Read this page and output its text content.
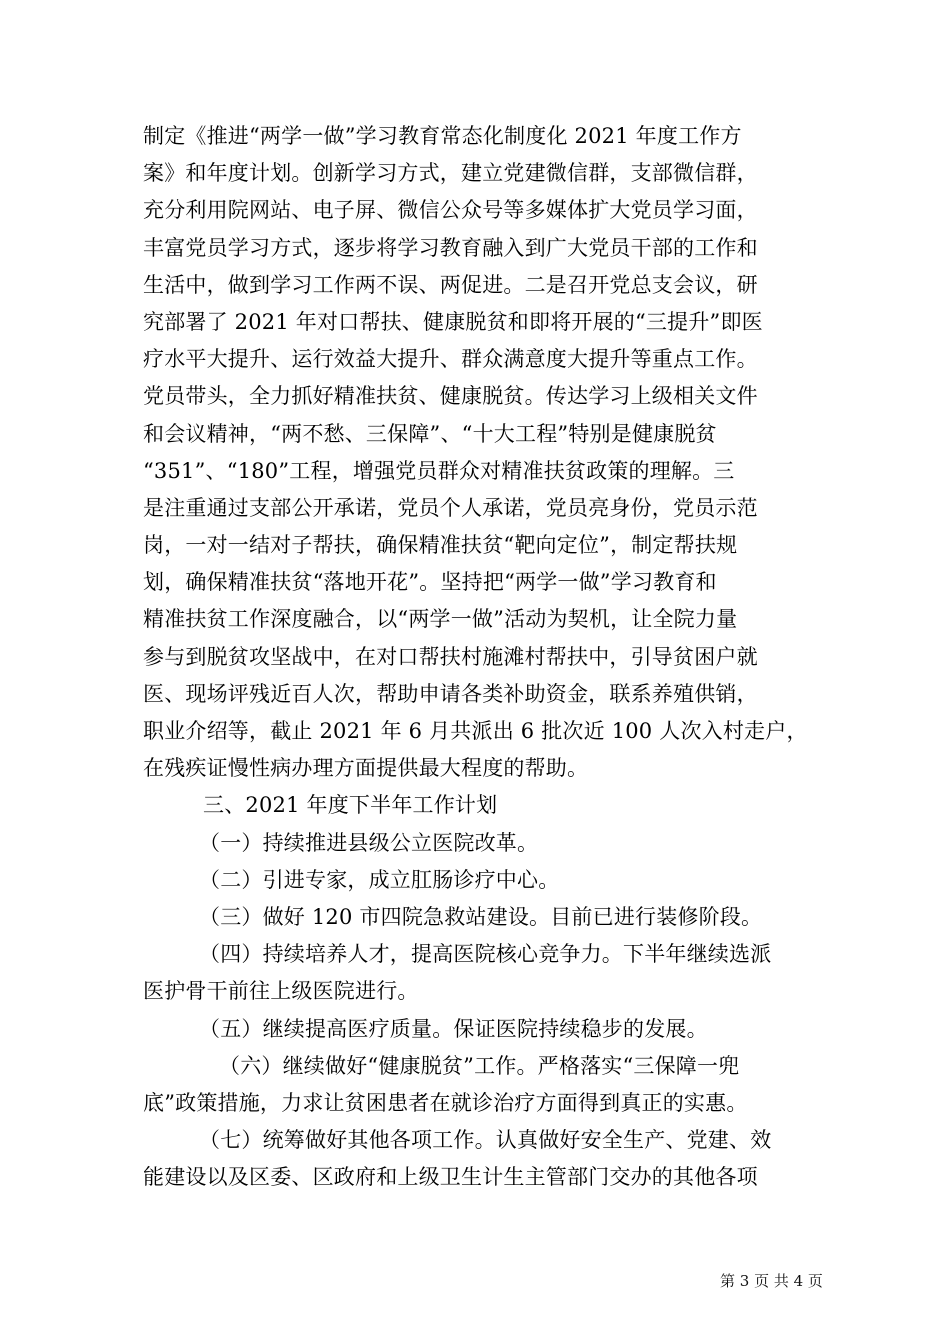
制定《推进“两学一做”学习教育常态化制度化 2021 年度工作方
案》和年度计划。创新学习方式，建立党建微信群，支部微信群，
充分利用院网站、电子屏、微信公众号等多媒体扩大党员学习面，
丰富党员学习方式，逐步将学习教育融入到广大党员干部的工作和
生活中，做到学习工作两不误、两促进。二是召开党总支会议，研
究部署了 2021 年对口帮扶、健康脱贫和即将开展的“三提升”即医
疗水平大提升、运行效益大提升、群众满意度大提升等重点工作。
党员带头，全力抓好精准扶贫、健康脱贫。传达学习上级相关文件
和会议精神，“两不愁、三保障”、“十大工程”特别是健康脱贫
“351”、“180”工程，增强党员群众对精准扶贫政策的理解。三
是注重通过支部公开承诺，党员个人承诺，党员亮身份，党员示范
岗，一对一结对子帮扶，确保精准扶贫“靶向定位”，制定帮扶规
划，确保精准扶贫“落地开花”。坚持把“两学一做”学习教育和
精准扶贫工作深度融合，以“两学一做”活动为契机，让全院力量
参与到脱贫攻坚战中，在对口帮扶村施滩村帮扶中，引导贫困户就
医、现场评残近百人次，帮助申请各类补助资金，联系养殖供销，
职业介绍等，截止 2021 年 6 月共派出 6 批次近 100 人次入村走户，
在残疾证慢性病办理方面提供最大程度的帮助。
三、2021 年度下半年工作计划
（一）持续推进县级公立医院改革。
（二）引进专家，成立肛肠诊疗中心。
（三）做好 120 市四院急救站建设。目前已进行装修阶段。
（四）持续培养人才，提高医院核心竞争力。下半年继续选派
医护骨干前往上级医院进行。
（五）继续提高医疗质量。保证医院持续稳步的发展。
（六）继续做好“健康脱贫”工作。严格落实“三保障一兜
底”政策措施，力求让贫困患者在就诊治疗方面得到真正的实惠。
（七）统筹做好其他各项工作。认真做好安全生产、党建、效
能建设以及区委、区政府和上级卫生计生主管部门交办的其他各项
第 3 页 共 4 页
